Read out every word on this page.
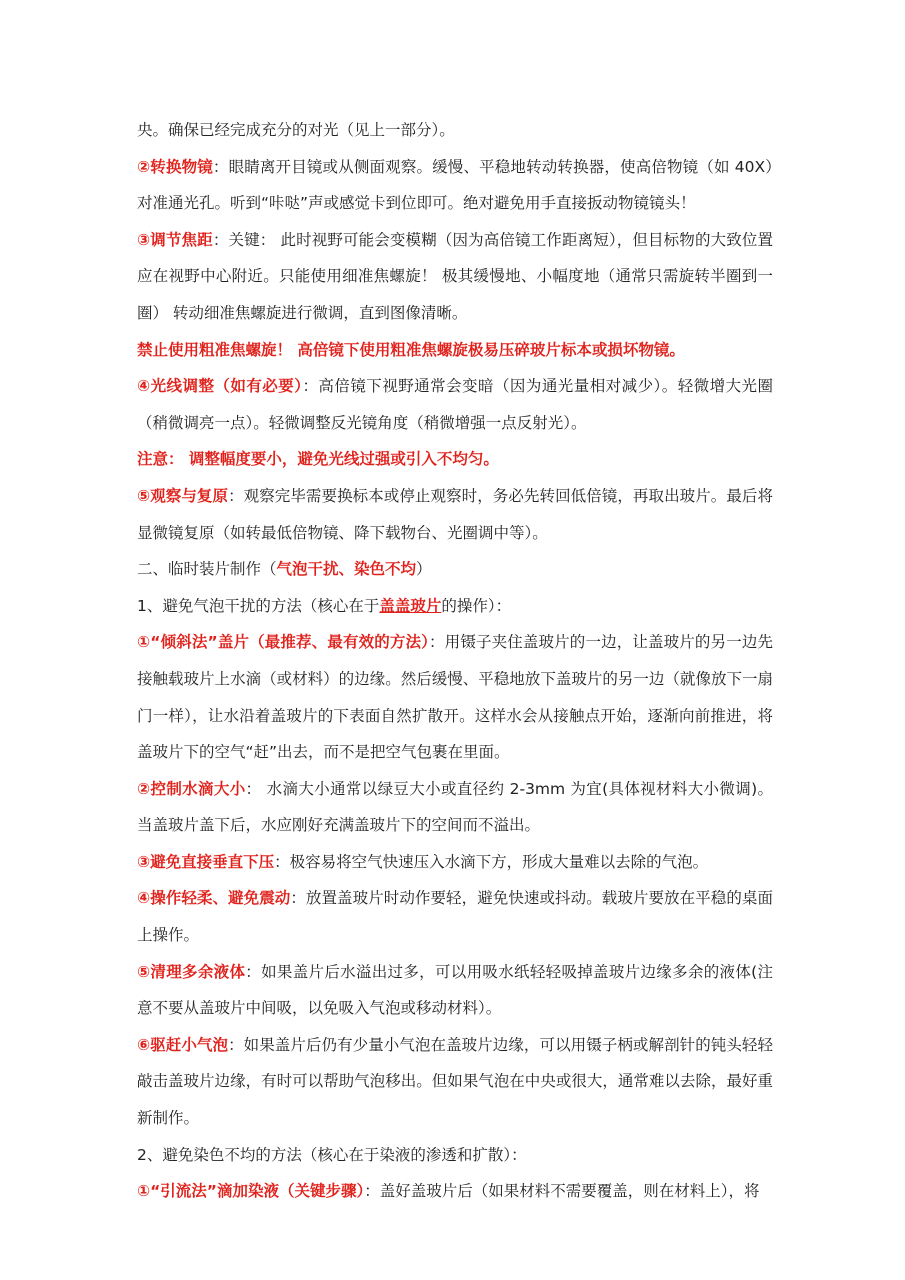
央。确保已经完成充分的对光（见上一部分）。

②转换物镜：眼睛离开目镜或从侧面观察。缓慢、平稳地转动转换器，使高倍物镜（如 40X）对准通光孔。听到“咔哒”声或感觉卡到位即可。绝对避免用手直接扳动物镜镜头！

③调节焦距：关键： 此时视野可能会变模糊（因为高倍镜工作距离短），但目标物的大致位置应在视野中心附近。只能使用细准焦螺旋！ 极其缓慢地、小幅度地（通常只需旋转半圈到一圈） 转动细准焦螺旋进行微调，直到图像清晰。

禁止使用粗准焦螺旋！ 高倍镜下使用粗准焦螺旋极易压碎玻片标本或损坏物镜。

④光线调整（如有必要）：高倍镜下视野通常会变暗（因为通光量相对减少）。轻微增大光圈（稍微调亮一点）。轻微调整反光镜角度（稍微增强一点反射光）。

注意： 调整幅度要小，避免光线过强或引入不均匀。

⑤观察与复原：观察完毕需要换标本或停止观察时，务必先转回低倍镜，再取出玻片。最后将显微镜复原（如转最低倍物镜、降下载物台、光圈调中等）。

二、临时装片制作（气泡干扰、染色不均）

1、避免气泡干扰的方法（核心在于盖盖玻片的操作）：

①“倾斜法”盖片（最推荐、最有效的方法）：用镊子夹住盖玻片的一边，让盖玻片的另一边先接触载玻片上水滴（或材料）的边缘。然后缓慢、平稳地放下盖玻片的另一边（就像放下一扇门一样），让水沿着盖玻片的下表面自然扩散开。这样水会从接触点开始，逐渐向前推进，将盖玻片下的空气“赶”出去，而不是把空气包裹在里面。

②控制水滴大小： 水滴大小通常以绿豆大小或直径约 2-3mm 为宜(具体视材料大小微调)。当盖玻片盖下后，水应刚好充满盖玻片下的空间而不溢出。

③避免直接垂直下压：极容易将空气快速压入水滴下方，形成大量难以去除的气泡。

④操作轻柔、避免震动：放置盖玻片时动作要轻，避免快速或抖动。载玻片要放在平稳的桌面上操作。

⑤清理多余液体：如果盖片后水溢出过多，可以用吸水纸轻轻吸掉盖玻片边缘多余的液体(注意不要从盖玻片中间吸，以免吸入气泡或移动材料）。

⑥驱赶小气泡：如果盖片后仍有少量小气泡在盖玻片边缘，可以用镊子柄或解剖针的钝头轻轻敲击盖玻片边缘，有时可以帮助气泡移出。但如果气泡在中央或很大，通常难以去除，最好重新制作。

2、避免染色不均的方法（核心在于染液的渗透和扩散）：

①“引流法”滴加染液（关键步骤）：盖好盖玻片后（如果材料不需要覆盖，则在材料上），将
